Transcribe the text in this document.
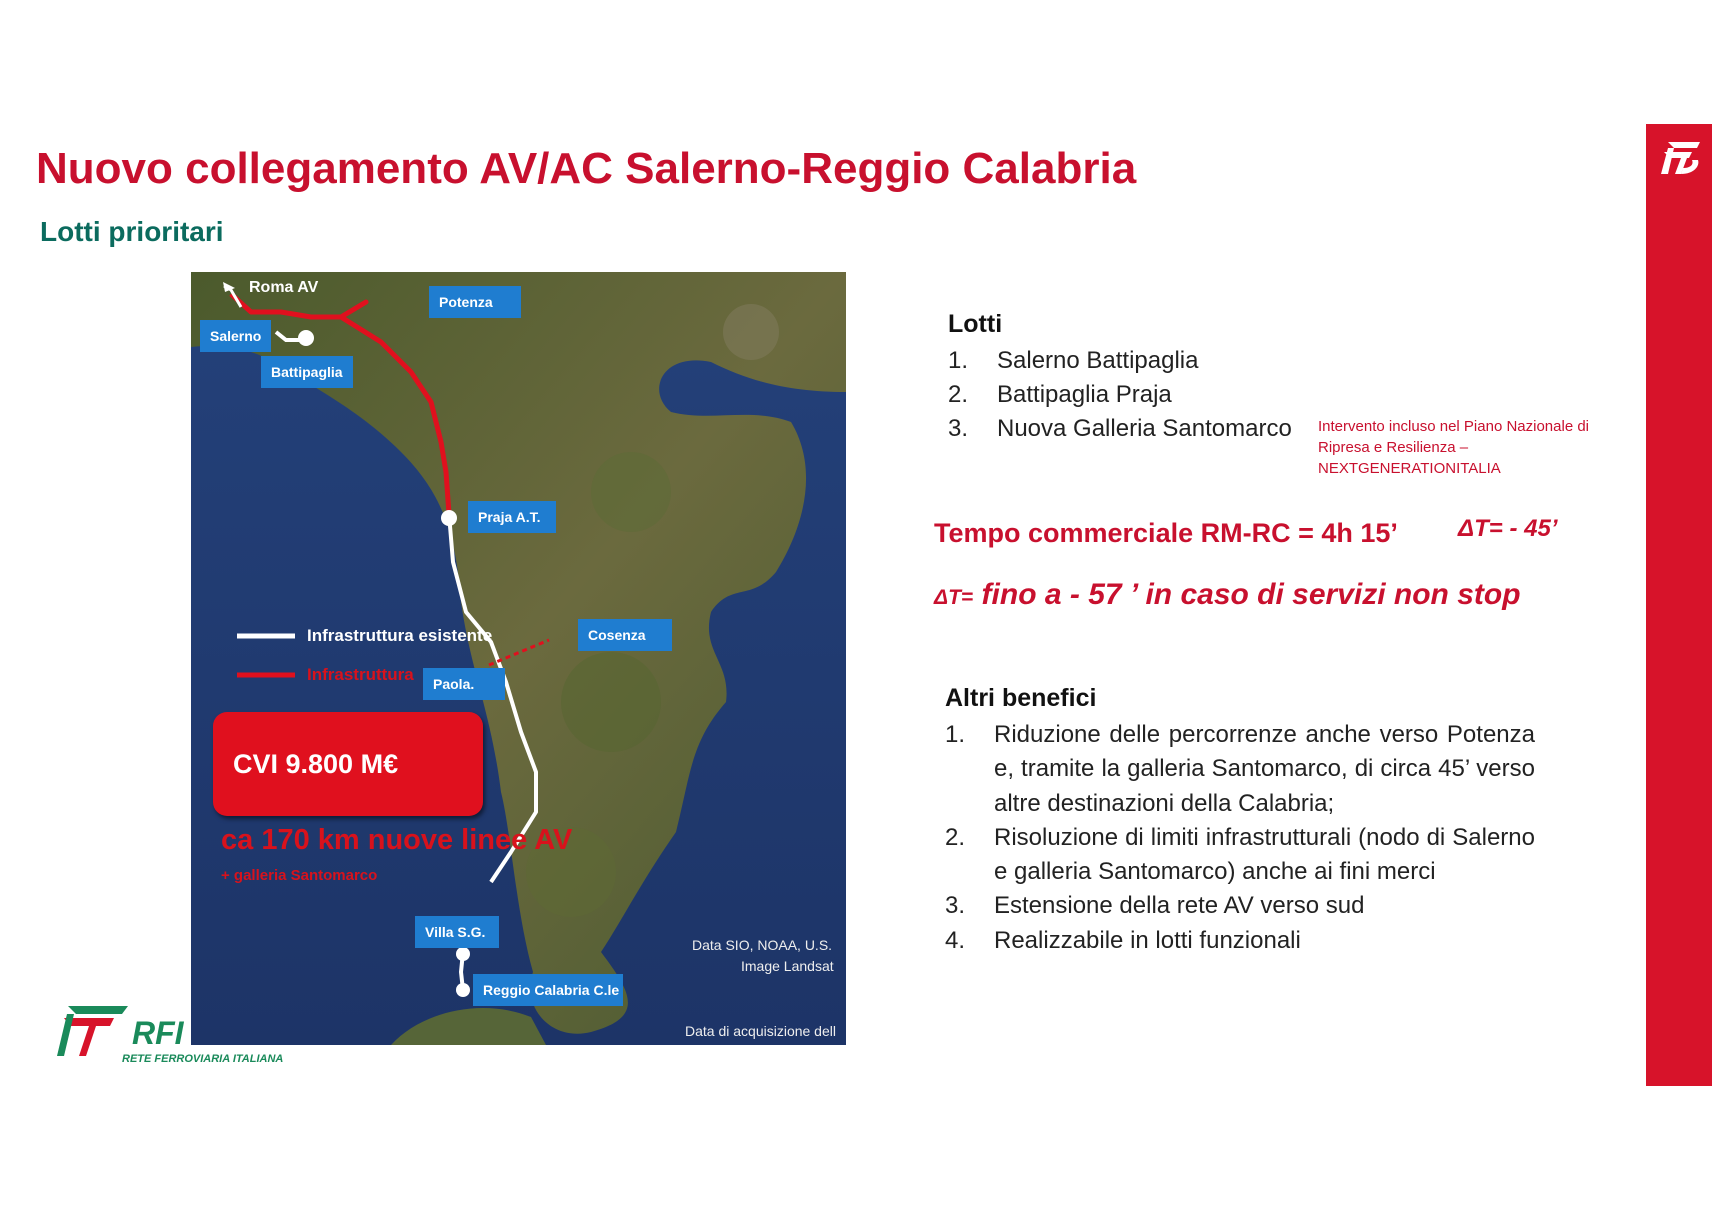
Nuovo collegamento AV/AC Salerno-Reggio Calabria
Lotti prioritari
5
Roma AV
Potenza
Salerno
Battipaglia
Praja A.T.
Cosenza
Paola.
Villa S.G.
Reggio Calabria C.le
Infrastruttura esistente
Infrastruttura
CVI 9.800 M€
ca 170 km nuove linee AV
+ galleria Santomarco
Data SIO, NOAA, U.S.
Image Landsat
Data di acquisizione dell
RFI
RETE FERROVIARIA ITALIANA
Lotti
1. Salerno Battipaglia
2. Battipaglia Praja
3. Nuova Galleria Santomarco	Intervento incluso nel Piano Nazionale di Ripresa e Resilienza – NEXTGENERATIONITALIA
Tempo commerciale RM-RC = 4h 15’	ΔT= - 45’
ΔT= fino a - 57 ’ in caso di servizi non stop
Altri benefici
1. Riduzione delle percorrenze anche verso Potenza e, tramite la galleria Santomarco, di circa 45’ verso altre destinazioni della Calabria;
2. Risoluzione di limiti infrastrutturali (nodo di Salerno e galleria Santomarco) anche ai fini merci
3. Estensione della rete AV verso sud
4. Realizzabile in lotti funzionali
